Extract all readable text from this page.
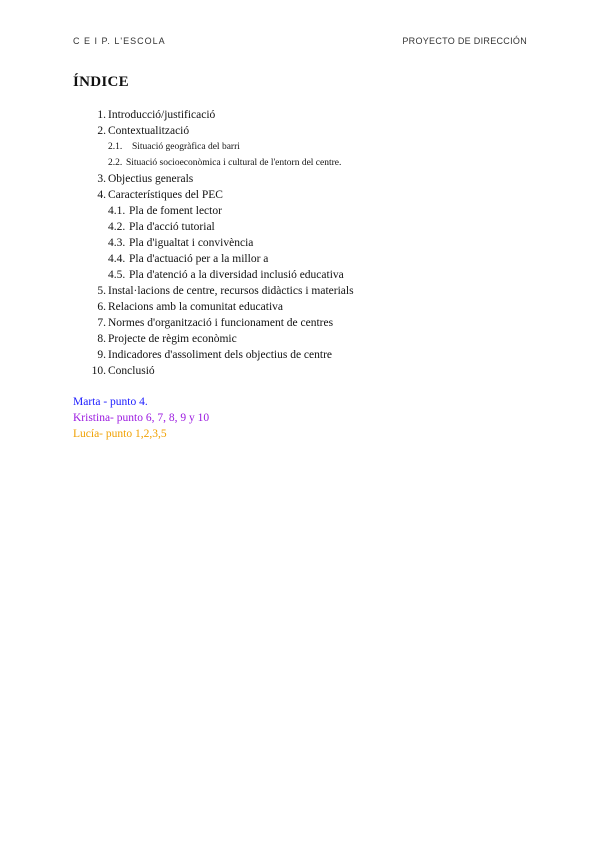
C E I P. L'ESCOLA	PROYECTO DE DIRECCIÓN
ÍNDICE
1. Introducció/justificació
2. Contextualització
2.1. Situació geogràfica del barri
2.2. Situació socioeconòmica i cultural de l'entorn del centre.
3. Objectius generals
4. Característiques del PEC
4.1. Pla de foment lector
4.2. Pla d'acció tutorial
4.3. Pla d'igualtat i convivència
4.4. Pla d'actuació per a la millor a
4.5. Pla d'atenció a la diversidad inclusió educativa
5. Instal·lacions de centre, recursos didàctics i materials
6. Relacions amb la comunitat educativa
7. Normes d'organització i funcionament de centres
8. Projecte de règim econòmic
9. Indicadores d'assoliment dels objectius de centre
10. Conclusió
Marta - punto 4.
Kristina- punto 6, 7, 8, 9 y 10
Lucía- punto 1,2,3,5
